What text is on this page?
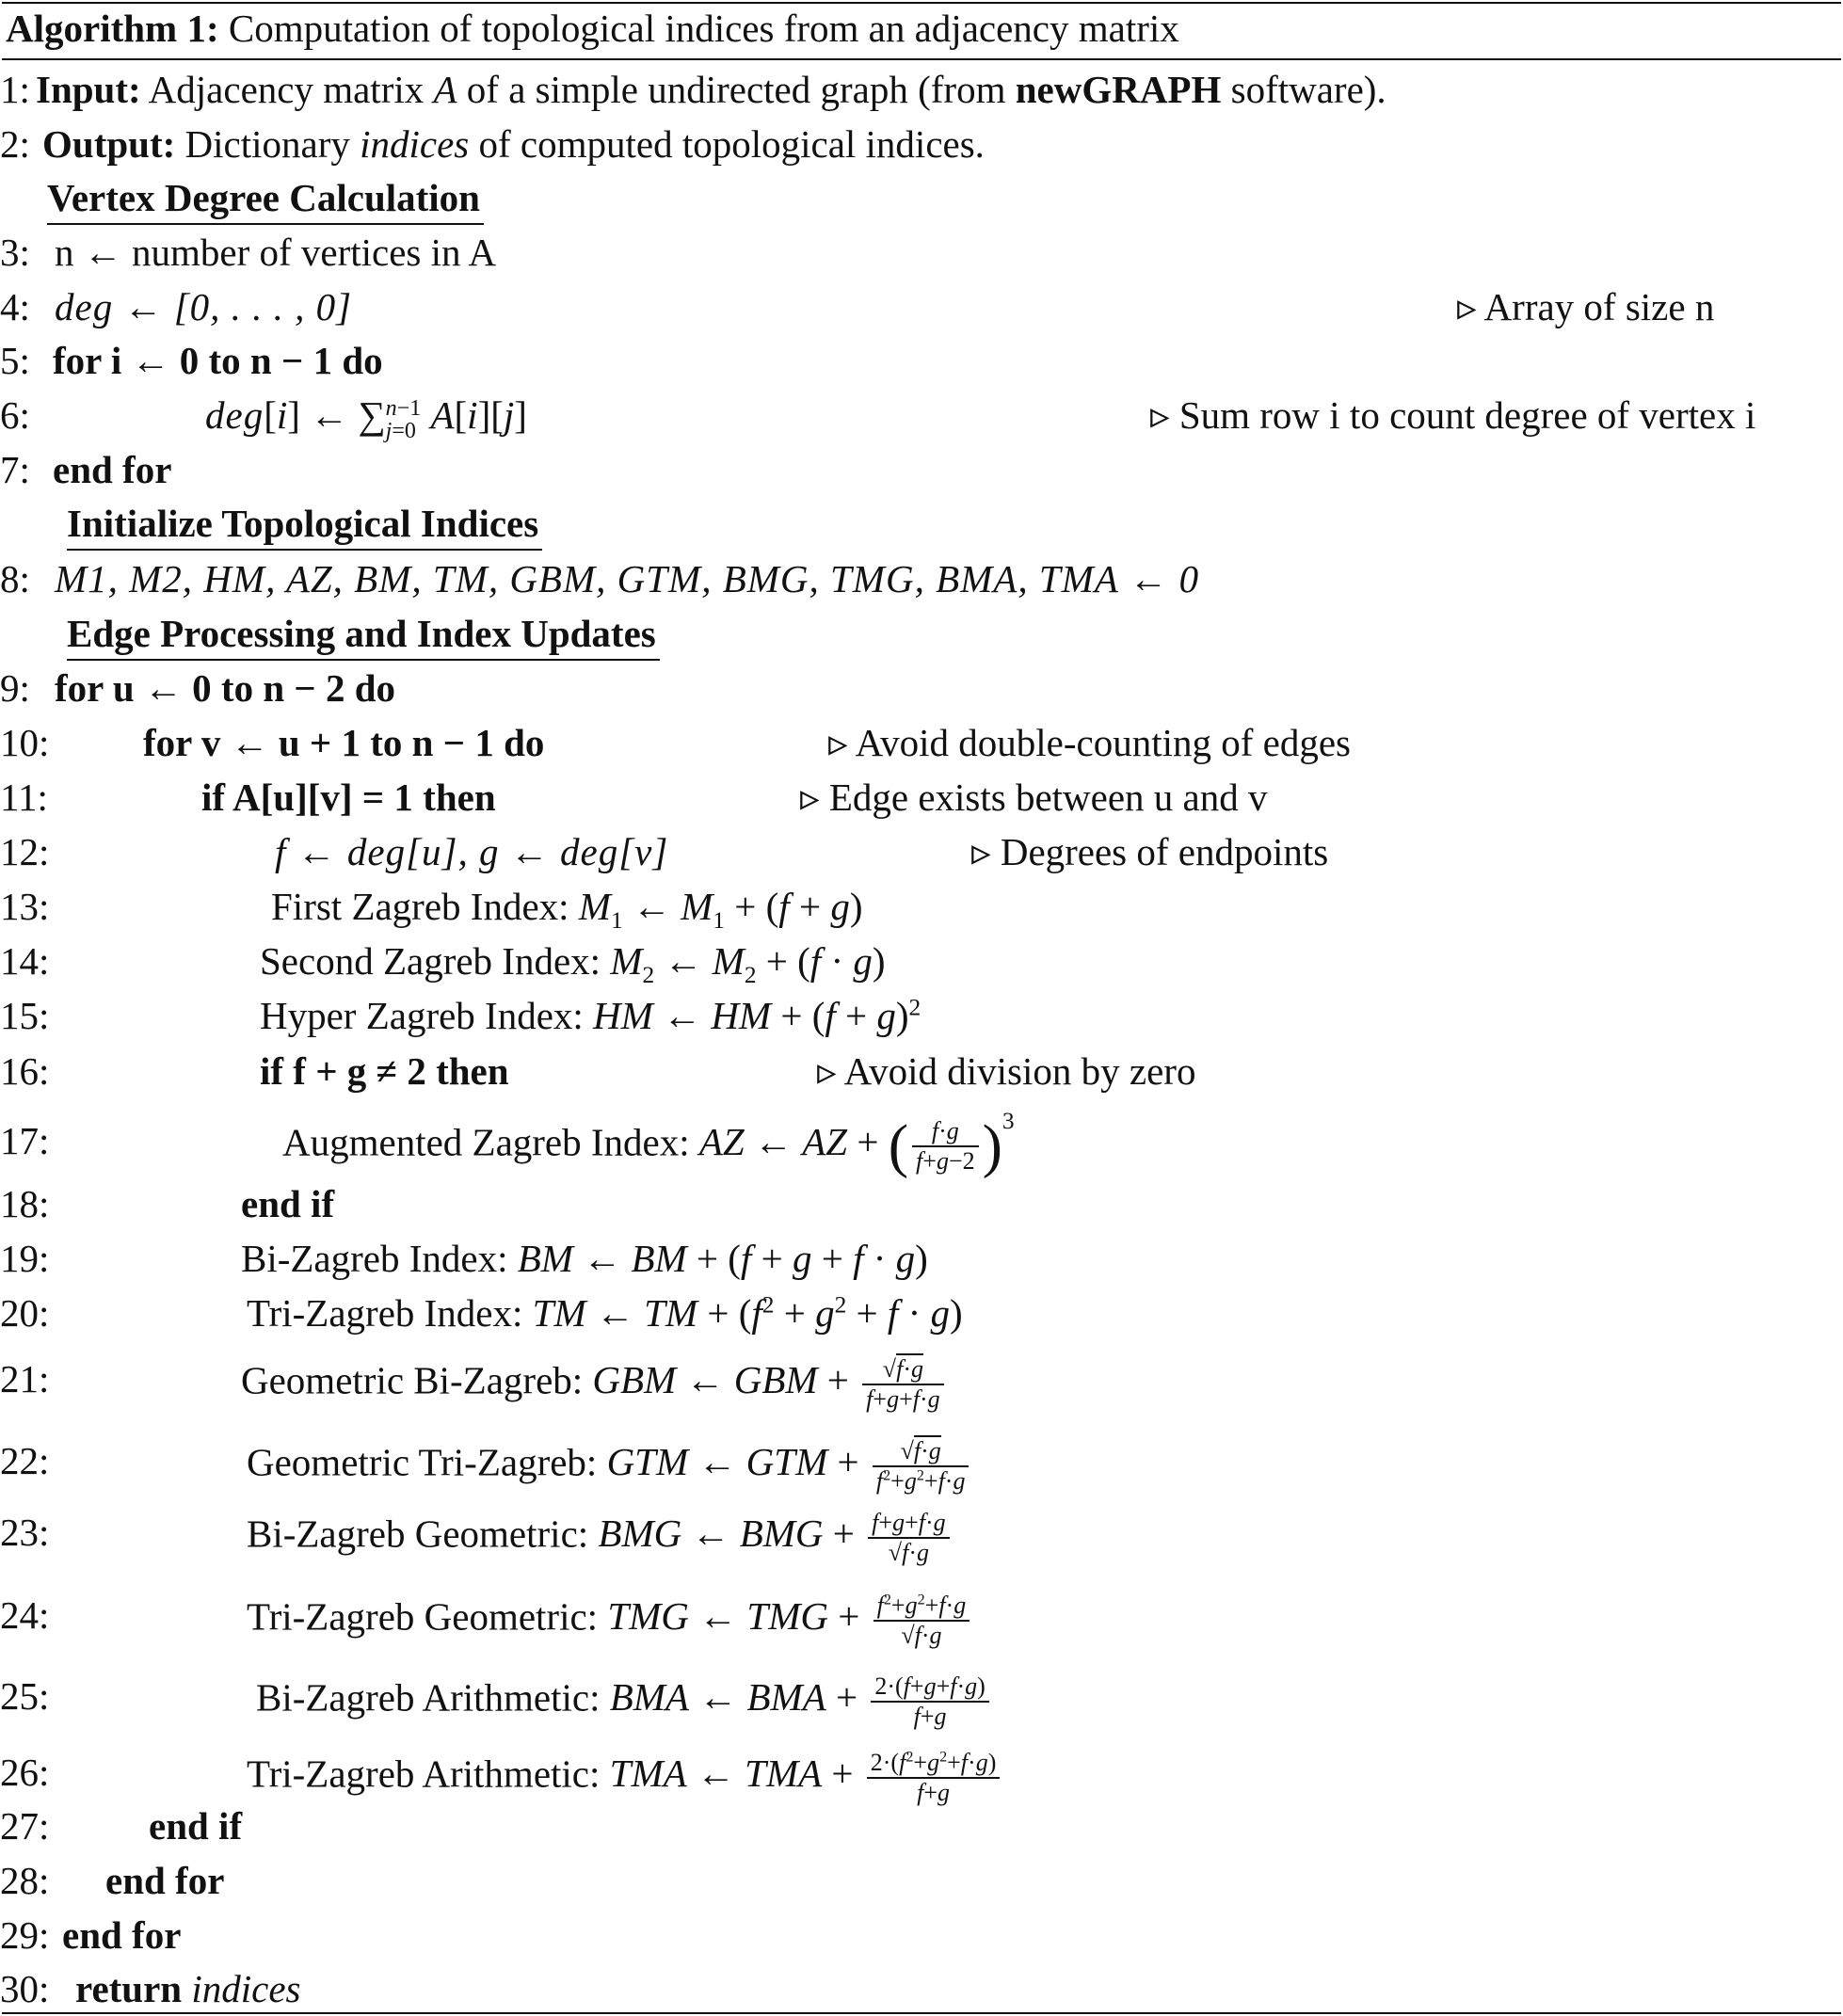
Algorithm 1: Computation of topological indices from an adjacency matrix
1: Input: Adjacency matrix A of a simple undirected graph (from newGRAPH software).
2: Output: Dictionary indices of computed topological indices.
Vertex Degree Calculation
3: n ← number of vertices in A
4: deg ← [0, . . . , 0]	▹ Array of size n
5: for i ← 0 to n − 1 do
6:	deg[i] ← ∑ n−1
j=0 A[i][j]	▹ Sum row i to count degree of vertex i
7: end for
Initialize Topological Indices
8: M1, M2, HM, AZ, BM, TM, GBM, GTM, BMG, TMG, BMA, TMA ← 0
Edge Processing and Index Updates
9: for u ← 0 to n − 2 do
10: for v ← u + 1 to n − 1 do	▹ Avoid double-counting of edges
11:	if A[u][v] = 1 then	▹ Edge exists between u and v
12:	f ← deg[u], g ← deg[v]	▹ Degrees of endpoints
13:	First Zagreb Index: $M_1$ ← $M_1 + (f + g)$
14:	Second Zagreb Index: $M_2$ ← $M_2 + (f \cdot g)$
15:	Hyper Zagreb Index: HM ← HM + $(f + g)^2$
16:	if f + g ≠ 2 then	▹ Avoid division by zero
17:	Augmented Zagreb Index: AZ ← AZ + ( $\frac{f\cdot g}{f+g-2} )^3$
18:	end if
19:	Bi-Zagreb Index: BM ← BM + (f + g + f · g)
20:	Tri-Zagreb Index: TM ← TM + $(f^2 + g^2 + f \cdot g)$
21:	Geometric Bi-Zagreb: GBM ← GBM + $\frac{√f\cdot g}{f+g+f\cdot g}$
22:	Geometric Tri-Zagreb: GTM ← GTM + $\frac{√f\cdot g}{f^2+g^2+f\cdot g}$
23:	Bi-Zagreb Geometric: BMG ← BMG + $\frac{f+g+f\cdot g}{√f\cdot g}$
24:	Tri-Zagreb Geometric: TMG ← TMG + $\frac{f^2+g^2+f\cdot g}{√f\cdot g}$
25:	Bi-Zagreb Arithmetic: BMA ← BMA + $\frac{2\cdot(f+g+f\cdot g)}{f+g}$
26:	Tri-Zagreb Arithmetic: TMA ← TMA + $\frac{2\cdot(f^2+g^2+f\cdot g)}{f+g}$
27:	end if
28: end for
29: end for
30: return indices
